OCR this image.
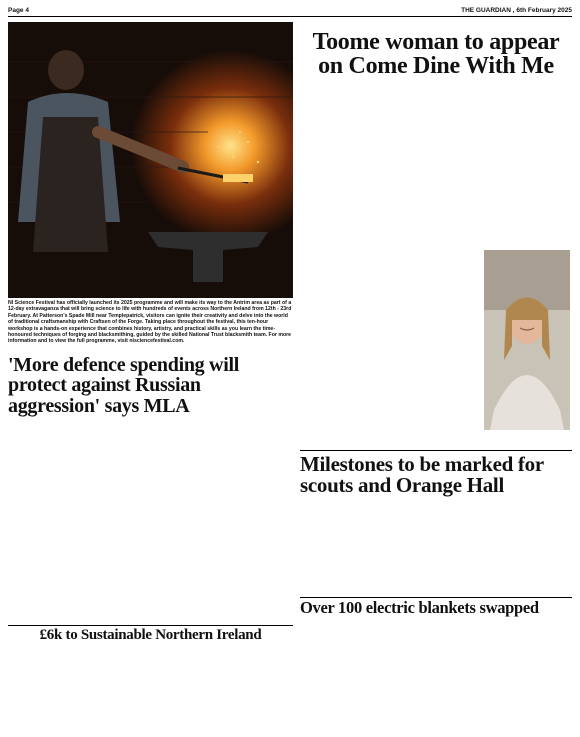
Page 4	THE GUARDIAN , 6th February 2025
NI Science Festival has officially launched its 2025 programme and will make its way to the Antrim area as part of a 12-day extravaganza that will bring science to life with hundreds of events across Northern Ireland from 12th - 23rd February. At Patterson's Spade Mill near Templepatrick, visitors can ignite their creativity and delve into the world of traditional craftsmanship with Craftsen of the Forge. Taking place throughout the festival, this ten-hour workshop is a hands-on experience that combines history, artistry, and practical skills as you learn the time-honoured techniques of forging and blacksmithing, guided by the skilled National Trust blacksmith team. For more information and to view the full programme, visit nisciencefestival.com.
Toome woman to appear on Come Dine With Me
'More defence spending will protect against Russian aggression' says MLA
£6k to Sustainable Northern Ireland
Milestones to be marked for scouts and Orange Hall
Over 100 electric blankets swapped
